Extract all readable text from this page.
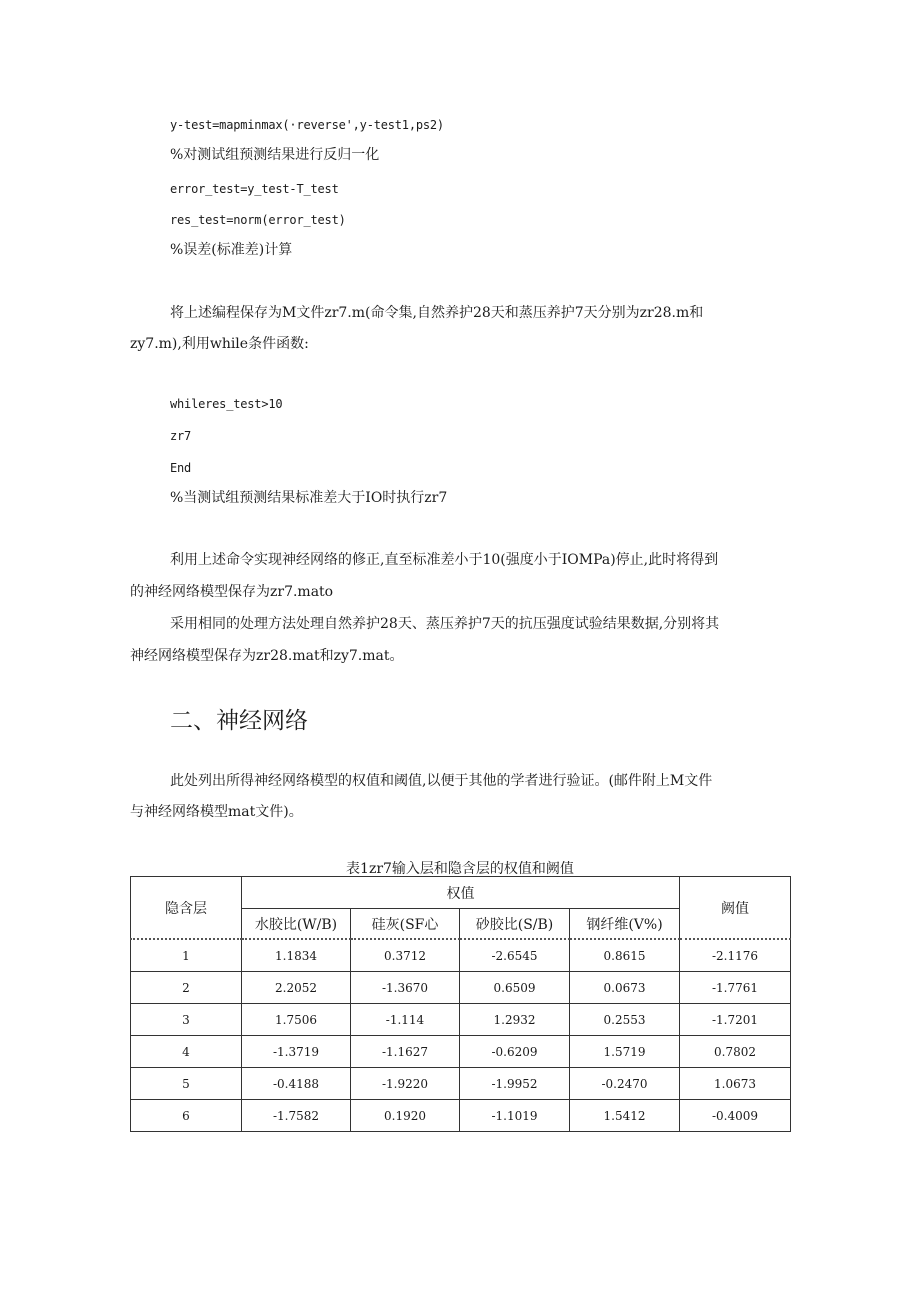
y-test=mapminmax(·reverse',y-test1,ps2)
%对测试组预测结果进行反归一化
error_test=y_test-T_test
res_test=norm(error_test)
%误差(标准差)计算
将上述编程保存为M文件zr7.m(命令集,自然养护28天和蒸压养护7天分别为zr28.m和
zy7.m),利用while条件函数:
whileres_test>10
zr7
End
%当测试组预测结果标准差大于IO时执行zr7
利用上述命令实现神经网络的修正,直至标准差小于10(强度小于IOMPa)停止,此时将得到
的神经网络模型保存为zr7.mato
采用相同的处理方法处理自然养护28天、蒸压养护7天的抗压强度试验结果数据,分别将其
神经网络模型保存为zr28.mat和zy7.mat。
二、神经网络
此处列出所得神经网络模型的权值和阈值,以便于其他的学者进行验证。(邮件附上M文件
与神经网络模型mat文件)。
表1zr7输入层和隐含层的权值和阙值
隐含层	权值				阙值
	水胶比(W/B)	硅灰(SF心	砂胶比(S/B)	钢纤维(V%)	
1	1.1834	0.3712	-2.6545	0.8615	-2.1176
2	2.2052	-1.3670	0.6509	0.0673	-1.7761
3	1.7506	-1.114	1.2932	0.2553	-1.7201
4	-1.3719	-1.1627	-0.6209	1.5719	0.7802
5	-0.4188	-1.9220	-1.9952	-0.2470	1.0673
6	-1.7582	0.1920	-1.1019	1.5412	-0.4009
